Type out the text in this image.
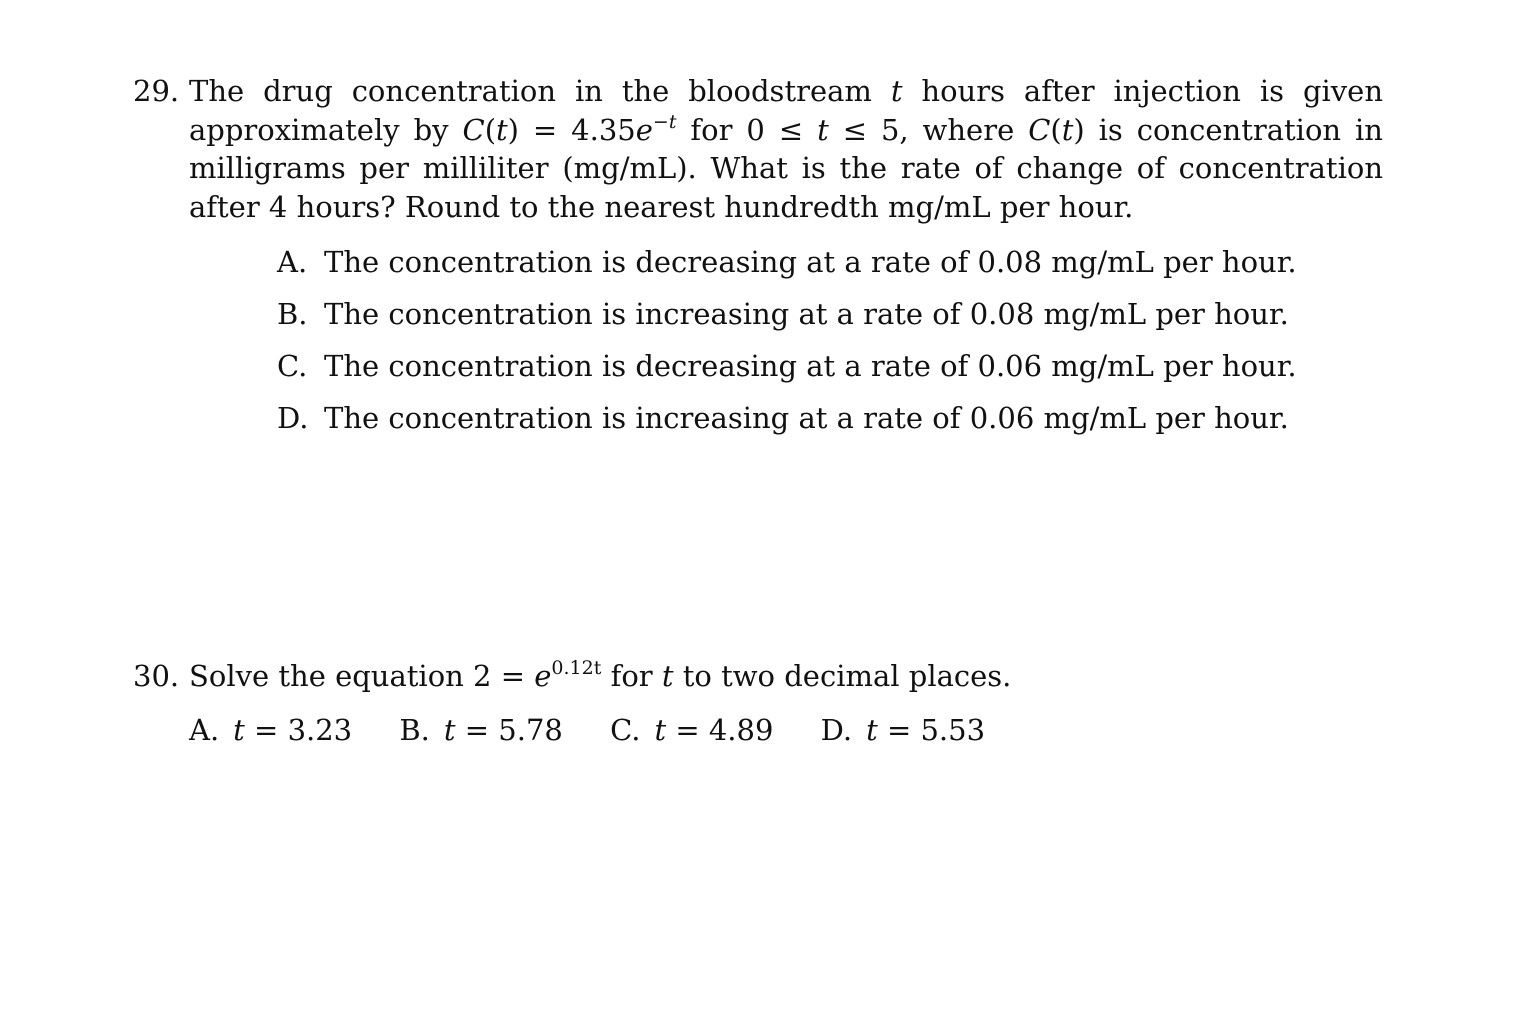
29. The drug concentration in the bloodstream t hours after injection is given approximately by $C(t) = 4.35e^{-t}$ for 0 ≤ t ≤ 5, where C(t) is concentration in milligrams per milliliter (mg/mL). What is the rate of change of concentration after 4 hours? Round to the nearest hundredth mg/mL per hour.
A. The concentration is decreasing at a rate of 0.08 mg/mL per hour.
B. The concentration is increasing at a rate of 0.08 mg/mL per hour.
C. The concentration is decreasing at a rate of 0.06 mg/mL per hour.
D. The concentration is increasing at a rate of 0.06 mg/mL per hour.
30. Solve the equation $2 = e^{0.12t}$ for t to two decimal places.
A. t = 3.23 B. t = 5.78 C. t = 4.89 D. t = 5.53
